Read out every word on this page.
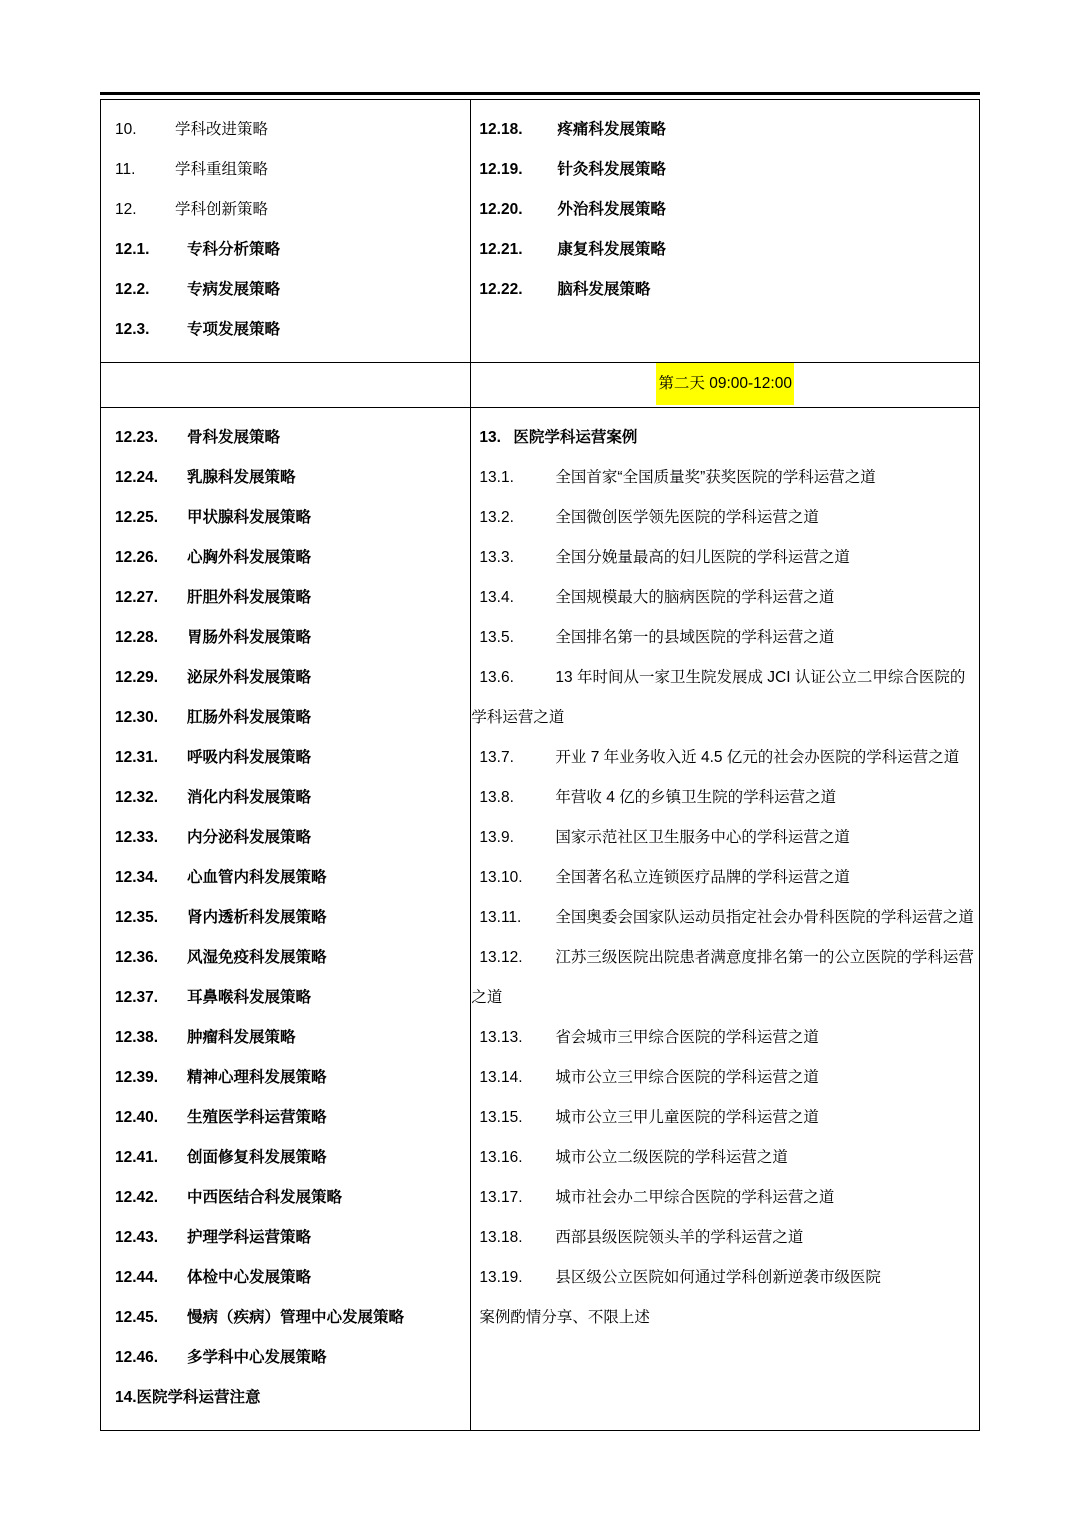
10. 学科改进策略
11.	学科重组策略
12. 学科创新策略
12.1. 专科分析策略
12.2. 专病发展策略
12.3. 专项发展策略

12.18. 疼痛科发展策略
12.19. 针灸科发展策略
12.20. 外治科发展策略
12.21. 康复科发展策略
12.22. 脑科发展策略

	第二天 09:00-12:00

12.23. 骨科发展策略
12.24. 乳腺科发展策略
12.25. 甲状腺科发展策略
12.26. 心胸外科发展策略
12.27. 肝胆外科发展策略
12.28. 胃肠外科发展策略
12.29. 泌尿外科发展策略
12.30. 肛肠外科发展策略
12.31. 呼吸内科发展策略
12.32. 消化内科发展策略
12.33. 内分泌科发展策略
12.34. 心血管内科发展策略
12.35. 肾内透析科发展策略
12.36. 风湿免疫科发展策略
12.37. 耳鼻喉科发展策略
12.38. 肿瘤科发展策略
12.39. 精神心理科发展策略
12.40. 生殖医学科运营策略
12.41. 创面修复科发展策略
12.42. 中西医结合科发展策略
12.43. 护理学科运营策略
12.44. 体检中心发展策略
12.45. 慢病（疾病）管理中心发展策略
12.46. 多学科中心发展策略
14.医院学科运营注意

13. 医院学科运营案例
13.1.	全国首家“全国质量奖”获奖医院的学科运营之道
13.2.	全国微创医学领先医院的学科运营之道
13.3.	全国分娩量最高的妇儿医院的学科运营之道
13.4.	全国规模最大的脑病医院的学科运营之道
13.5.	全国排名第一的县域医院的学科运营之道
13.6.	13 年时间从一家卫生院发展成 JCI 认证公立二甲综合医院的学科运营之道
13.7.	开业 7 年业务收入近 4.5 亿元的社会办医院的学科运营之道
13.8.	年营收 4 亿的乡镇卫生院的学科运营之道
13.9.	国家示范社区卫生服务中心的学科运营之道
13.10. 全国著名私立连锁医疗品牌的学科运营之道
13.11. 全国奥委会国家队运动员指定社会办骨科医院的学科运营之道
13.12. 江苏三级医院出院患者满意度排名第一的公立医院的学科运营之道
13.13. 省会城市三甲综合医院的学科运营之道
13.14. 城市公立三甲综合医院的学科运营之道
13.15. 城市公立三甲儿童医院的学科运营之道
13.16. 城市公立二级医院的学科运营之道
13.17. 城市社会办二甲综合医院的学科运营之道
13.18. 西部县级医院领头羊的学科运营之道
13.19. 县区级公立医院如何通过学科创新逆袭市级医院
案例酌情分享、不限上述
